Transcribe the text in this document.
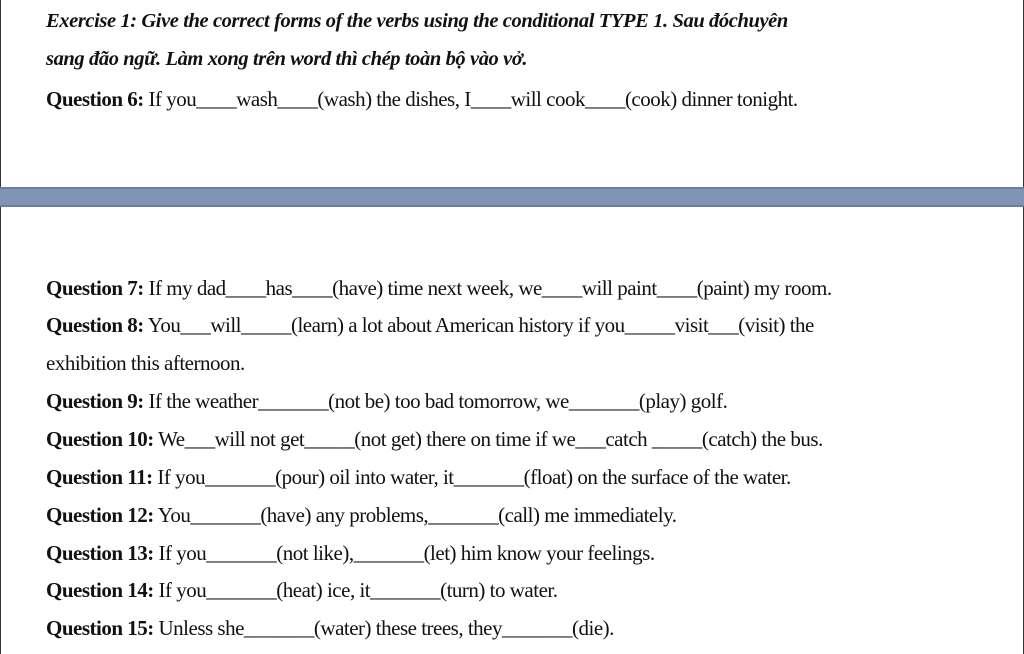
Exercise 1: Give the correct forms of the verbs using the conditional TYPE 1. Sau đóchuyên
sang đão ngữ. Làm xong trên word thì chép toàn bộ vào vở.
Question 6: If you____wash____(wash) the dishes, I____will cook____(cook) dinner tonight.
Question 7: If my dad____has____(have) time next week, we____will paint____(paint) my room.
Question 8: You___will_____(learn) a lot about American history if you_____visit___(visit) the
exhibition this afternoon.
Question 9: If the weather_______(not be) too bad tomorrow, we_______(play) golf.
Question 10: We___will not get_____(not get) there on time if we___catch _____(catch) the bus.
Question 11: If you_______(pour) oil into water, it_______(float) on the surface of the water.
Question 12: You_______(have) any problems,_______(call) me immediately.
Question 13: If you_______(not like),_______(let) him know your feelings.
Question 14: If you_______(heat) ice, it_______(turn) to water.
Question 15: Unless she_______(water) these trees, they_______(die).
